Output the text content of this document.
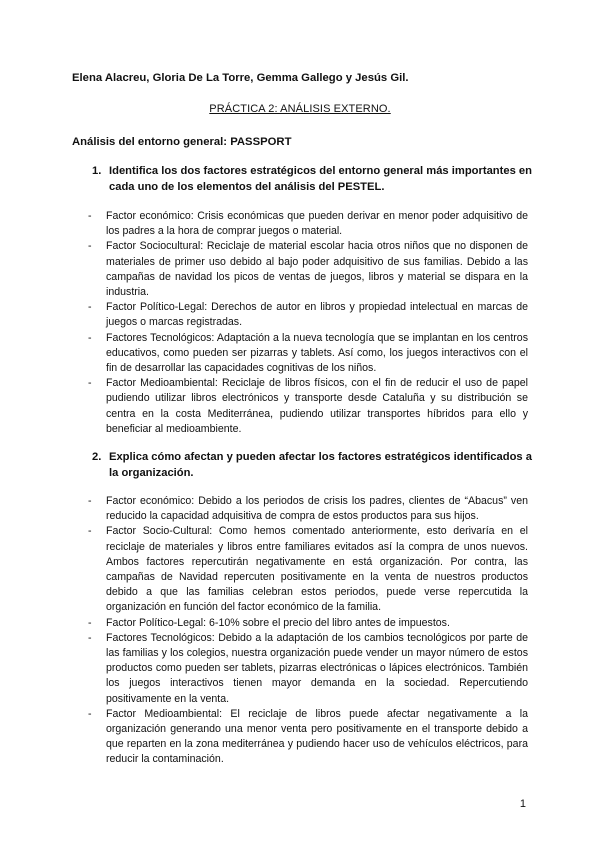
Elena Alacreu, Gloria De La Torre, Gemma Gallego y Jesús Gil.
PRÁCTICA 2: ANÁLISIS EXTERNO.
Análisis del entorno general: PASSPORT
1. Identifica los dos factores estratégicos del entorno general más importantes en cada uno de los elementos del análisis del PESTEL.
- Factor económico: Crisis económicas que pueden derivar en menor poder adquisitivo de los padres a la hora de comprar juegos o material.
- Factor Sociocultural: Reciclaje de material escolar hacia otros niños que no disponen de materiales de primer uso debido al bajo poder adquisitivo de sus familias. Debido a las campañas de navidad los picos de ventas de juegos, libros y material se dispara en la industria.
- Factor Político-Legal: Derechos de autor en libros y propiedad intelectual en marcas de juegos o marcas registradas.
- Factores Tecnológicos: Adaptación a la nueva tecnología que se implantan en los centros educativos, como pueden ser pizarras y tablets. Así como, los juegos interactivos con el fin de desarrollar las capacidades cognitivas de los niños.
- Factor Medioambiental: Reciclaje de libros físicos, con el fin de reducir el uso de papel pudiendo utilizar libros electrónicos y transporte desde Cataluña y su distribución se centra en la costa Mediterránea, pudiendo utilizar transportes híbridos para ello y beneficiar al medioambiente.
2. Explica cómo afectan y pueden afectar los factores estratégicos identificados a la organización.
- Factor económico: Debido a los periodos de crisis los padres, clientes de “Abacus” ven reducido la capacidad adquisitiva de compra de estos productos para sus hijos.
- Factor Socio-Cultural: Como hemos comentado anteriormente, esto derivaría en el reciclaje de materiales y libros entre familiares evitados así la compra de unos nuevos. Ambos factores repercutirán negativamente en está organización. Por contra, las campañas de Navidad repercuten positivamente en la venta de nuestros productos debido a que las familias celebran estos periodos, puede verse repercutida la organización en función del factor económico de la familia.
- Factor Político-Legal: 6-10% sobre el precio del libro antes de impuestos.
- Factores Tecnológicos: Debido a la adaptación de los cambios tecnológicos por parte de las familias y los colegios, nuestra organización puede vender un mayor número de estos productos como pueden ser tablets, pizarras electrónicas o lápices electrónicos. También los juegos interactivos tienen mayor demanda en la sociedad. Repercutiendo positivamente en la venta.
- Factor Medioambiental: El reciclaje de libros puede afectar negativamente a la organización generando una menor venta pero positivamente en el transporte debido a que reparten en la zona mediterránea y pudiendo hacer uso de vehículos eléctricos, para reducir la contaminación.
1
